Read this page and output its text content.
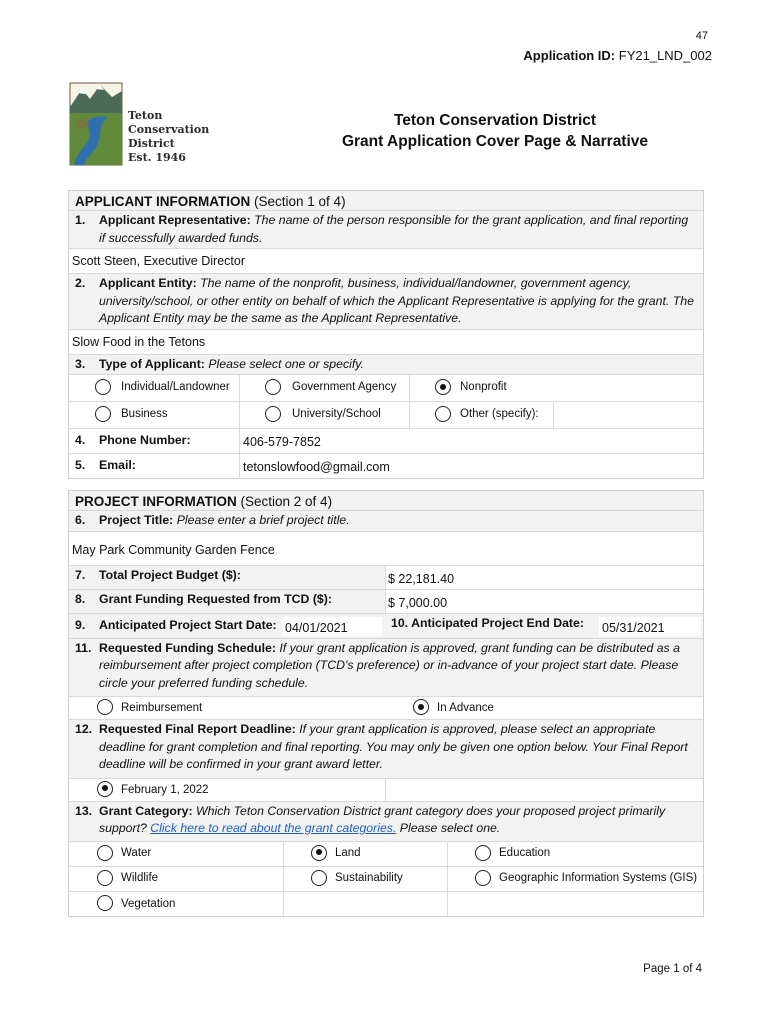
47
Application ID: FY21_LND_002
Teton
Conservation
District
Est. 1946
Teton Conservation District
Grant Application Cover Page & Narrative
APPLICANT INFORMATION (Section 1 of 4)
1. Applicant Representative: The name of the person responsible for the grant application, and final reporting if successfully awarded funds.
Scott Steen, Executive Director
2. Applicant Entity: The name of the nonprofit, business, individual/landowner, government agency, university/school, or other entity on behalf of which the Applicant Representative is applying for the grant. The Applicant Entity may be the same as the Applicant Representative.
Slow Food in the Tetons
3. Type of Applicant: Please select one or specify.
Individual/Landowner	Government Agency	Nonprofit
Business	University/School	Other (specify):
4. Phone Number:	406-579-7852
5. Email:	tetonslowfood@gmail.com
PROJECT INFORMATION (Section 2 of 4)
6. Project Title: Please enter a brief project title.
May Park Community Garden Fence
7. Total Project Budget ($):	$ 22,181.40
8. Grant Funding Requested from TCD ($):	$ 7,000.00
9. Anticipated Project Start Date: 04/01/2021	10. Anticipated Project End Date: 05/31/2021
11. Requested Funding Schedule: If your grant application is approved, grant funding can be distributed as a reimbursement after project completion (TCD's preference) or in-advance of your project start date. Please circle your preferred funding schedule.
Reimbursement	In Advance
12. Requested Final Report Deadline: If your grant application is approved, please select an appropriate deadline for grant completion and final reporting. You may only be given one option below. Your Final Report deadline will be confirmed in your grant award letter.
February 1, 2022
13. Grant Category: Which Teton Conservation District grant category does your proposed project primarily support? Click here to read about the grant categories. Please select one.
Water	Land	Education
Wildlife	Sustainability	Geographic Information Systems (GIS)
Vegetation
Page 1 of 4
